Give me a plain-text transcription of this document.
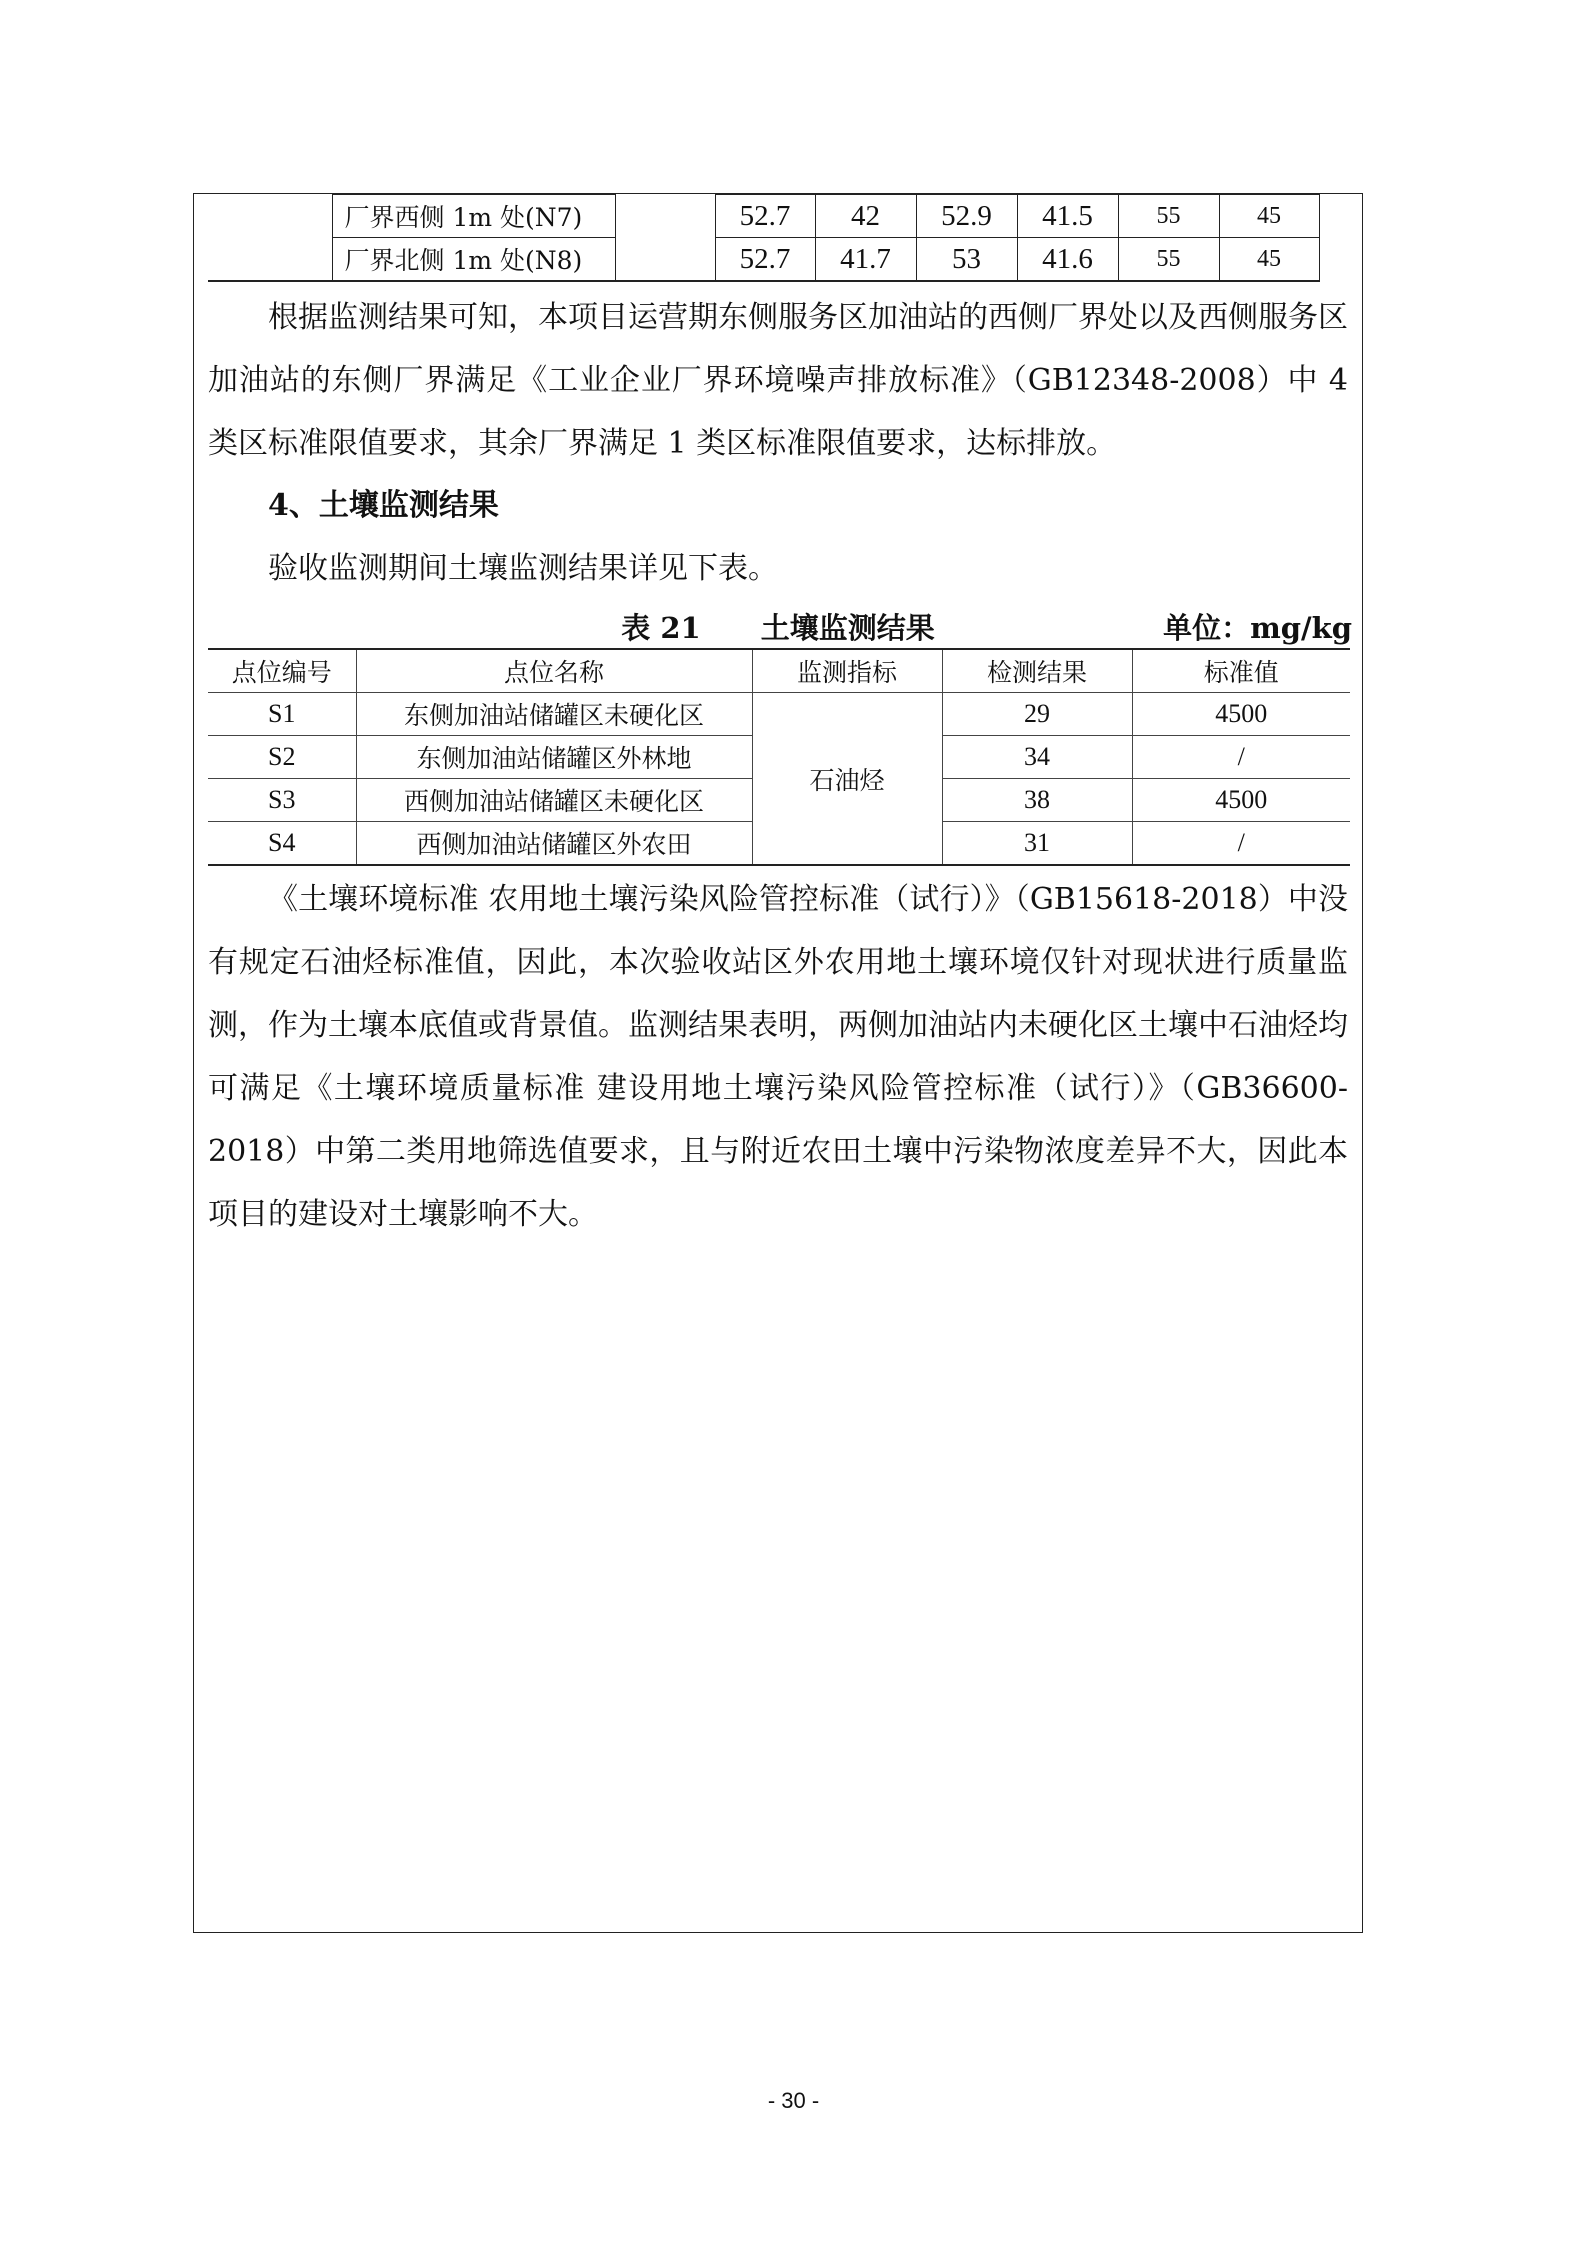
	厂界西侧 1m 处(N7)		52.7	42	52.9	41.5	55	45	
	厂界北侧 1m 处(N8)		52.7	41.7	53	41.6	55	45	

根据监测结果可知，本项目运营期东侧服务区加油站的西侧厂界处以及西侧服务区加油站的东侧厂界满足《工业企业厂界环境噪声排放标准》（GB12348-2008）中 4 类区标准限值要求，其余厂界满足 1 类区标准限值要求，达标排放。

4、土壤监测结果

验收监测期间土壤监测结果详见下表。

表 21 土壤监测结果	单位：mg/kg
点位编号	点位名称	监测指标	检测结果	标准值
S1	东侧加油站储罐区未硬化区	石油烃	29	4500
S2	东侧加油站储罐区外林地		34	/
S3	西侧加油站储罐区未硬化区		38	4500
S4	西侧加油站储罐区外农田		31	/

《土壤环境标准 农用地土壤污染风险管控标准（试行）》（GB15618-2018）中没有规定石油烃标准值，因此，本次验收站区外农用地土壤环境仅针对现状进行质量监测，作为土壤本底值或背景值。监测结果表明，两侧加油站内未硬化区土壤中石油烃均可满足《土壤环境质量标准 建设用地土壤污染风险管控标准（试行）》（GB36600-2018）中第二类用地筛选值要求，且与附近农田土壤中污染物浓度差异不大，因此本项目的建设对土壤影响不大。

- 30 -
